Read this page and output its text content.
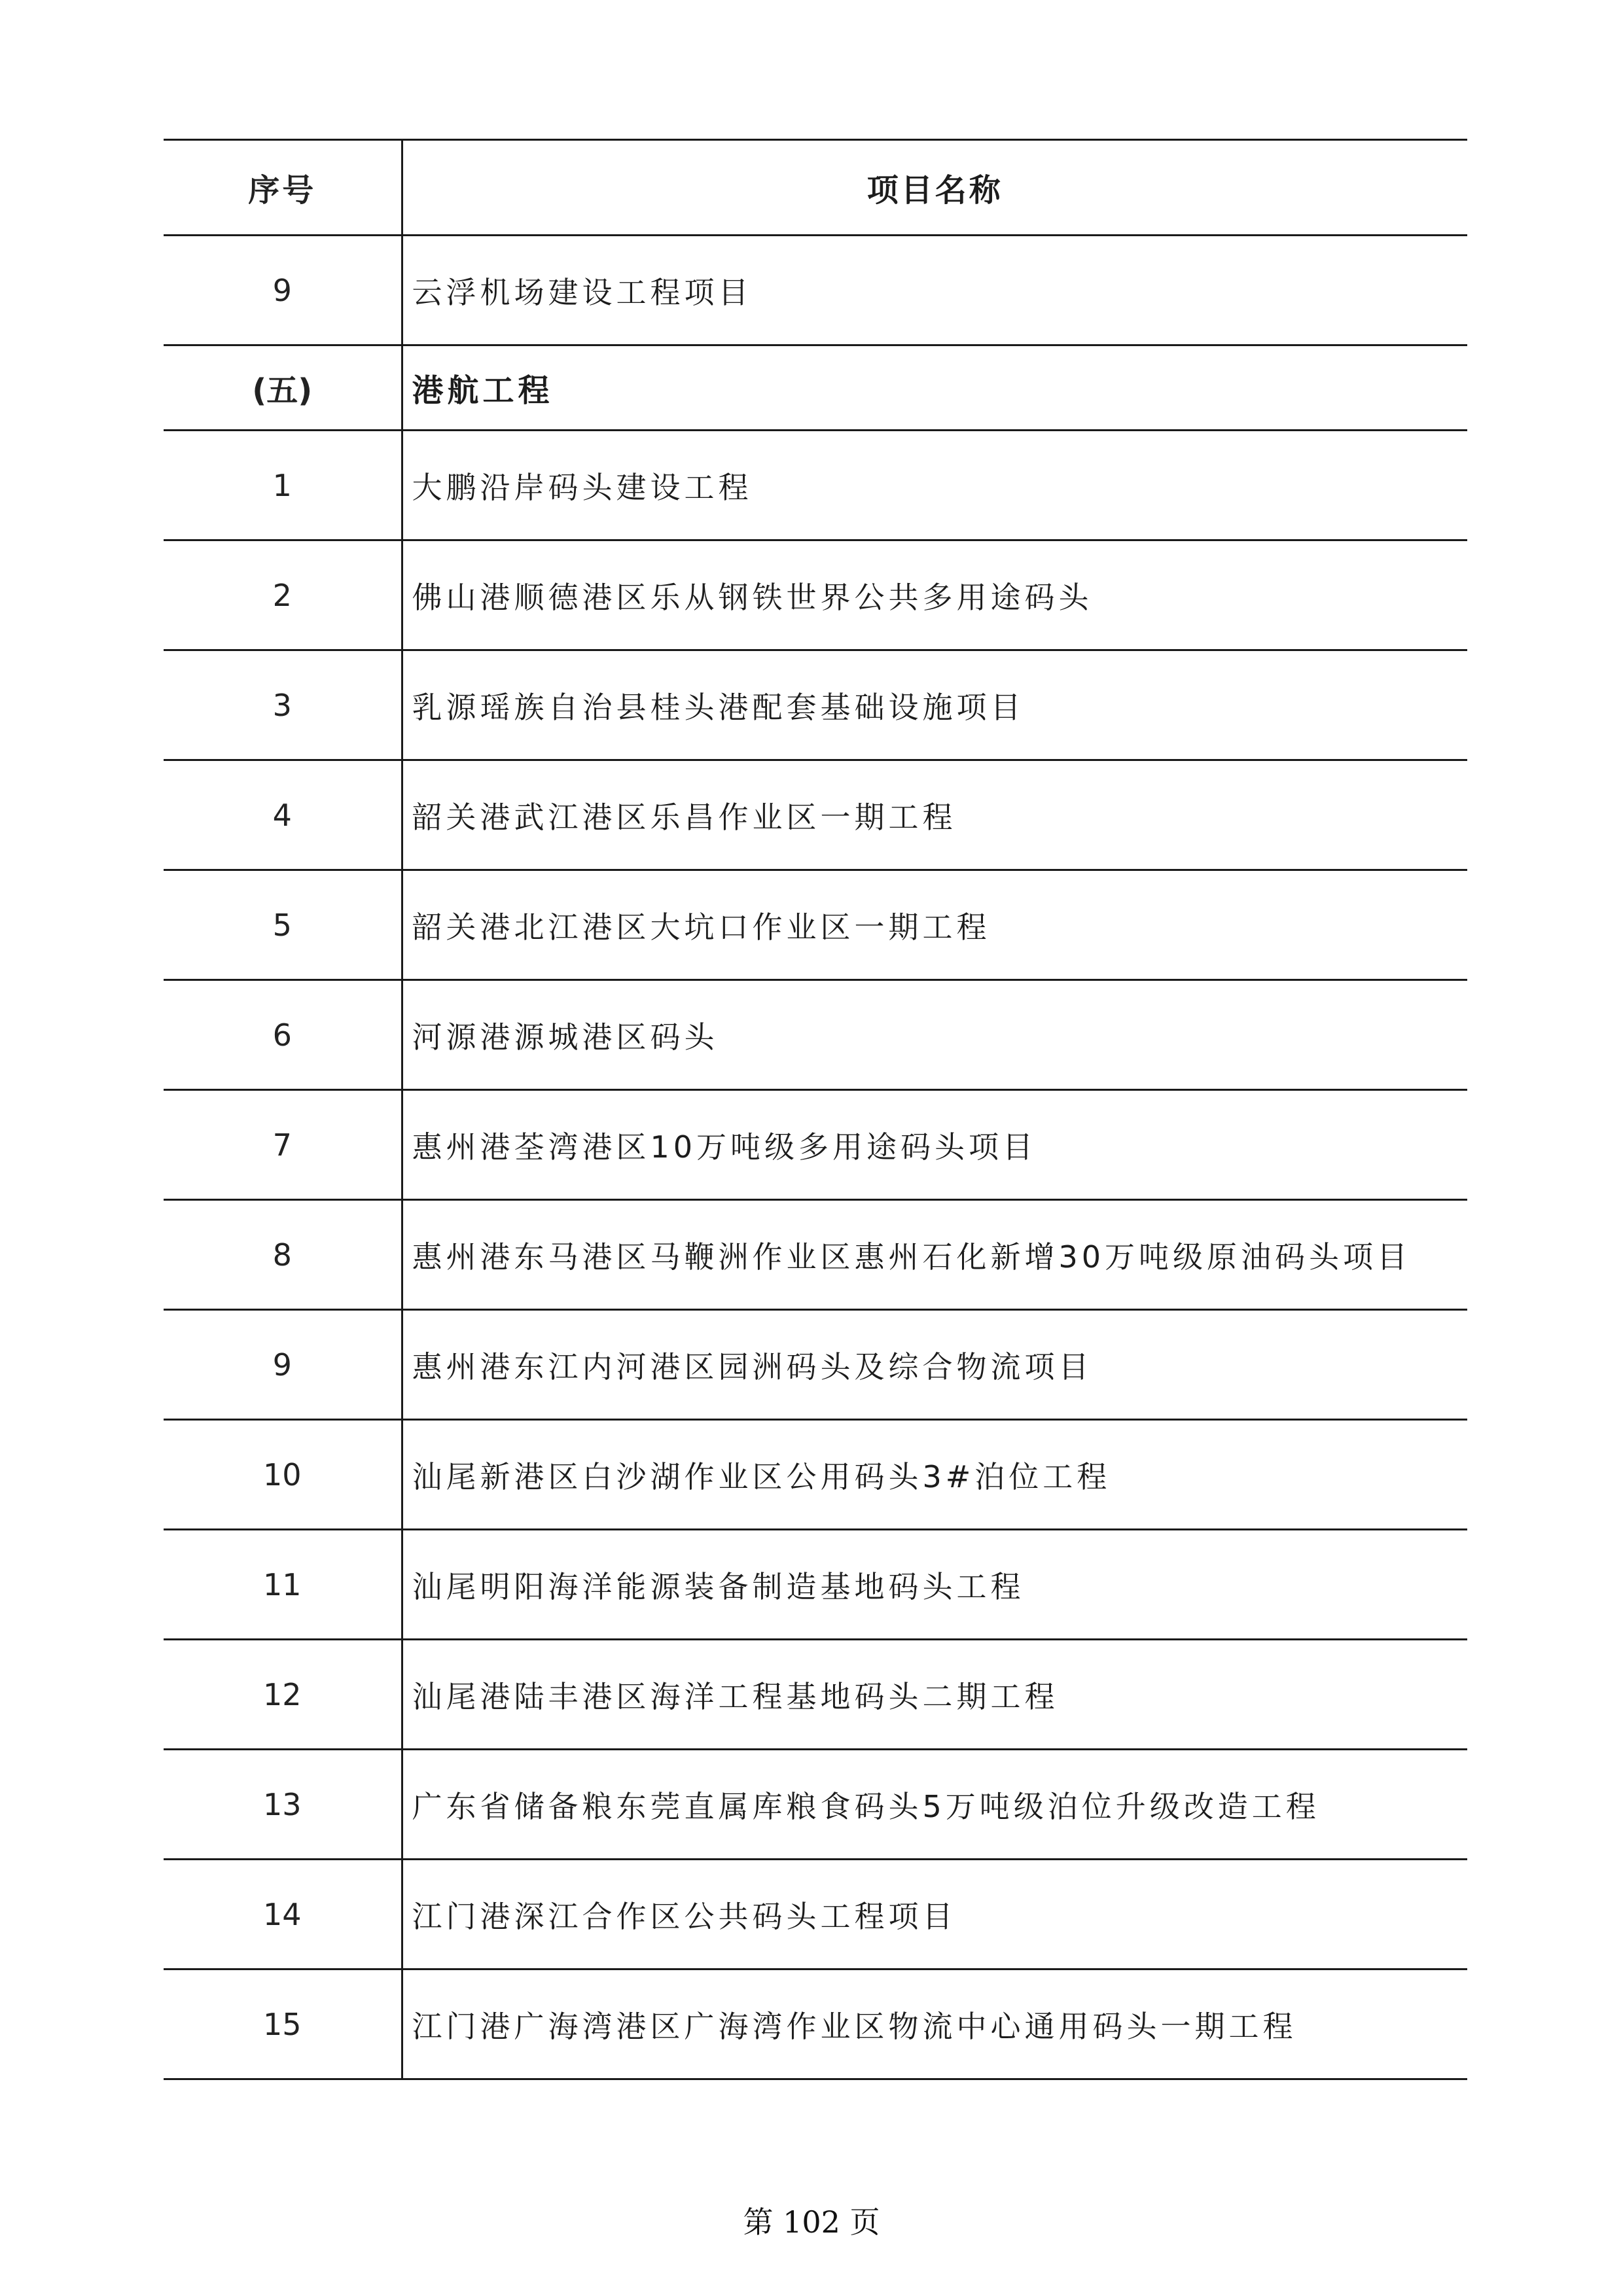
序号	项目名称
9	云浮机场建设工程项目
(五)	港航工程
1	大鹏沿岸码头建设工程
2	佛山港顺德港区乐从钢铁世界公共多用途码头
3	乳源瑶族自治县桂头港配套基础设施项目
4	韶关港武江港区乐昌作业区一期工程
5	韶关港北江港区大坑口作业区一期工程
6	河源港源城港区码头
7	惠州港荃湾港区10万吨级多用途码头项目
8	惠州港东马港区马鞭洲作业区惠州石化新增30万吨级原油码头项目
9	惠州港东江内河港区园洲码头及综合物流项目
10	汕尾新港区白沙湖作业区公用码头3#泊位工程
11	汕尾明阳海洋能源装备制造基地码头工程
12	汕尾港陆丰港区海洋工程基地码头二期工程
13	广东省储备粮东莞直属库粮食码头5万吨级泊位升级改造工程
14	江门港深江合作区公共码头工程项目
15	江门港广海湾港区广海湾作业区物流中心通用码头一期工程
第 102 页
